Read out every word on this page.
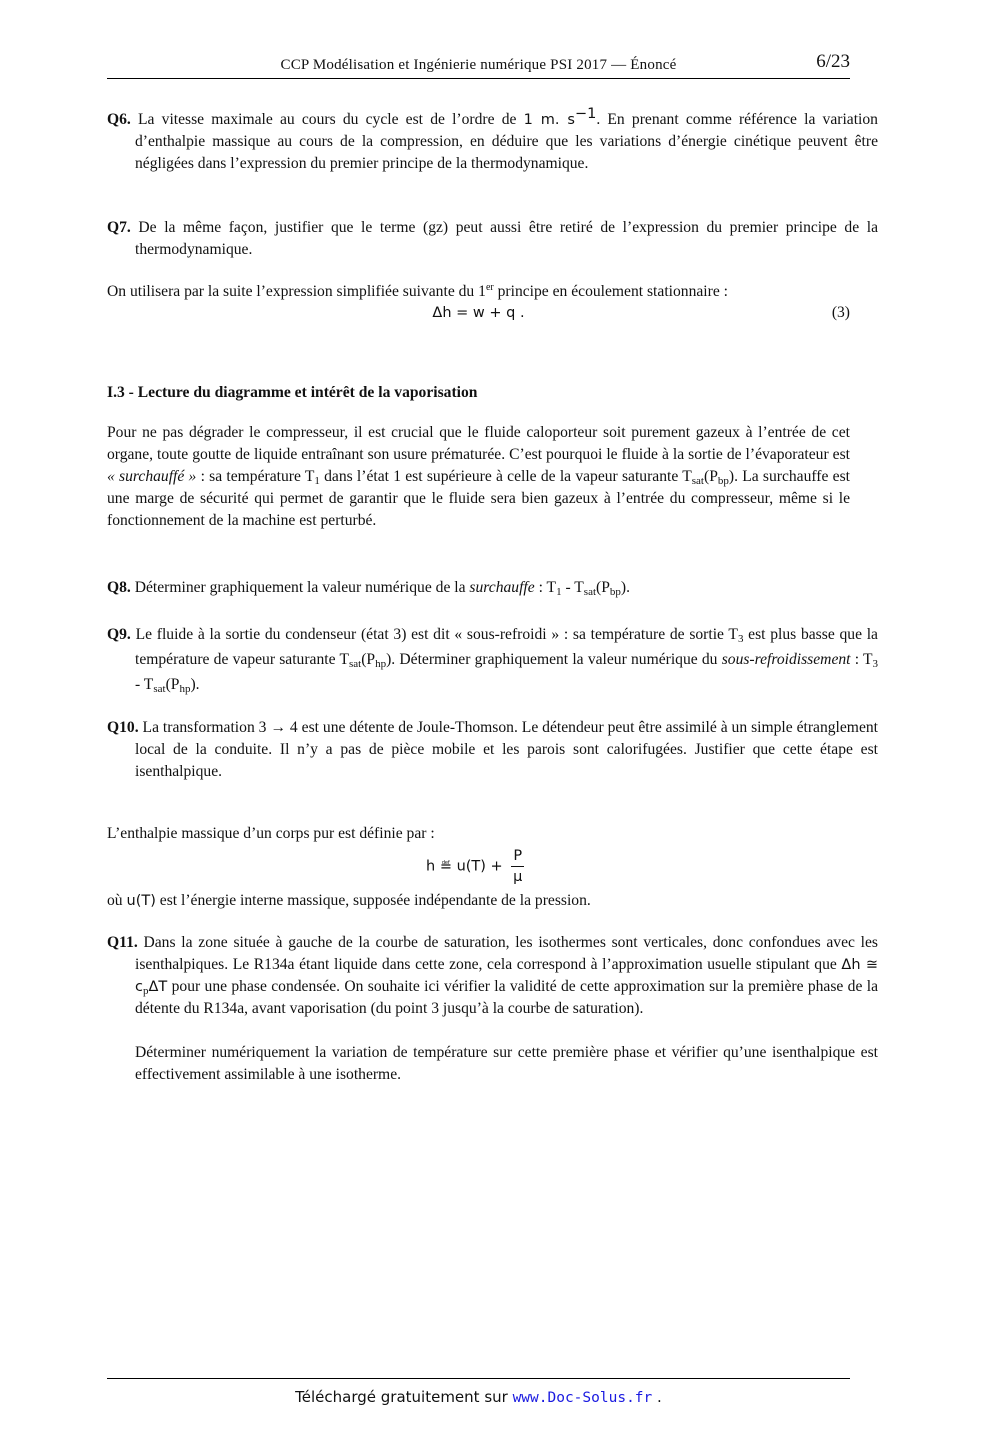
CCP Modélisation et Ingénierie numérique PSI 2017 — Énoncé	6/23
Q6. La vitesse maximale au cours du cycle est de l’ordre de 1 m. $s^{-1}$. En prenant comme référence la variation d’enthalpie massique au cours de la compression, en déduire que les variations d’énergie cinétique peuvent être négligées dans l’expression du premier principe de la thermodynamique.
Q7. De la même façon, justifier que le terme (gz) peut aussi être retiré de l’expression du premier principe de la thermodynamique.
On utilisera par la suite l’expression simplifiée suivante du 1er principe en écoulement stationnaire :
Δh = w + q .	(3)
I.3 - Lecture du diagramme et intérêt de la vaporisation
Pour ne pas dégrader le compresseur, il est crucial que le fluide caloporteur soit purement gazeux à l’entrée de cet organe, toute goutte de liquide entraînant son usure prématurée. C’est pourquoi le fluide à la sortie de l’évaporateur est « surchauffé » : sa température $T_1$ dans l’état 1 est supérieure à celle de la vapeur saturante $T_{sat}(P_{bp})$. La surchauffe est une marge de sécurité qui permet de garantir que le fluide sera bien gazeux à l’entrée du compresseur, même si le fonctionnement de la machine est perturbé.
Q8. Déterminer graphiquement la valeur numérique de la surchauffe : $T_1 - T_{sat}(P_{bp})$.
Q9. Le fluide à la sortie du condenseur (état 3) est dit « sous-refroidi » : sa température de sortie $T_3$ est plus basse que la température de vapeur saturante $T_{sat}(P_{hp})$. Déterminer graphiquement la valeur numérique du sous-refroidissement : $T_3 - T_{sat}(P_{hp})$.
Q10. La transformation 3 → 4 est une détente de Joule-Thomson. Le détendeur peut être assimilé à un simple étranglement local de la conduite. Il n’y a pas de pièce mobile et les parois sont calorifugées. Justifier que cette étape est isenthalpique.
L’enthalpie massique d’un corps pur est définie par :
h ≝ $u(T) + \frac{P}{\mu}$
où u(T) est l’énergie interne massique, supposée indépendante de la pression.
Q11. Dans la zone située à gauche de la courbe de saturation, les isothermes sont verticales, donc confondues avec les isenthalpiques. Le R134a étant liquide dans cette zone, cela correspond à l’approximation usuelle stipulant que Δh ≅ $c_p\Delta T$ pour une phase condensée. On souhaite ici vérifier la validité de cette approximation sur la première phase de la détente du R134a, avant vaporisation (du point 3 jusqu’à la courbe de saturation).
Déterminer numériquement la variation de température sur cette première phase et vérifier qu’une isenthalpique est effectivement assimilable à une isotherme.
Téléchargé gratuitement sur www.Doc-Solus.fr .
